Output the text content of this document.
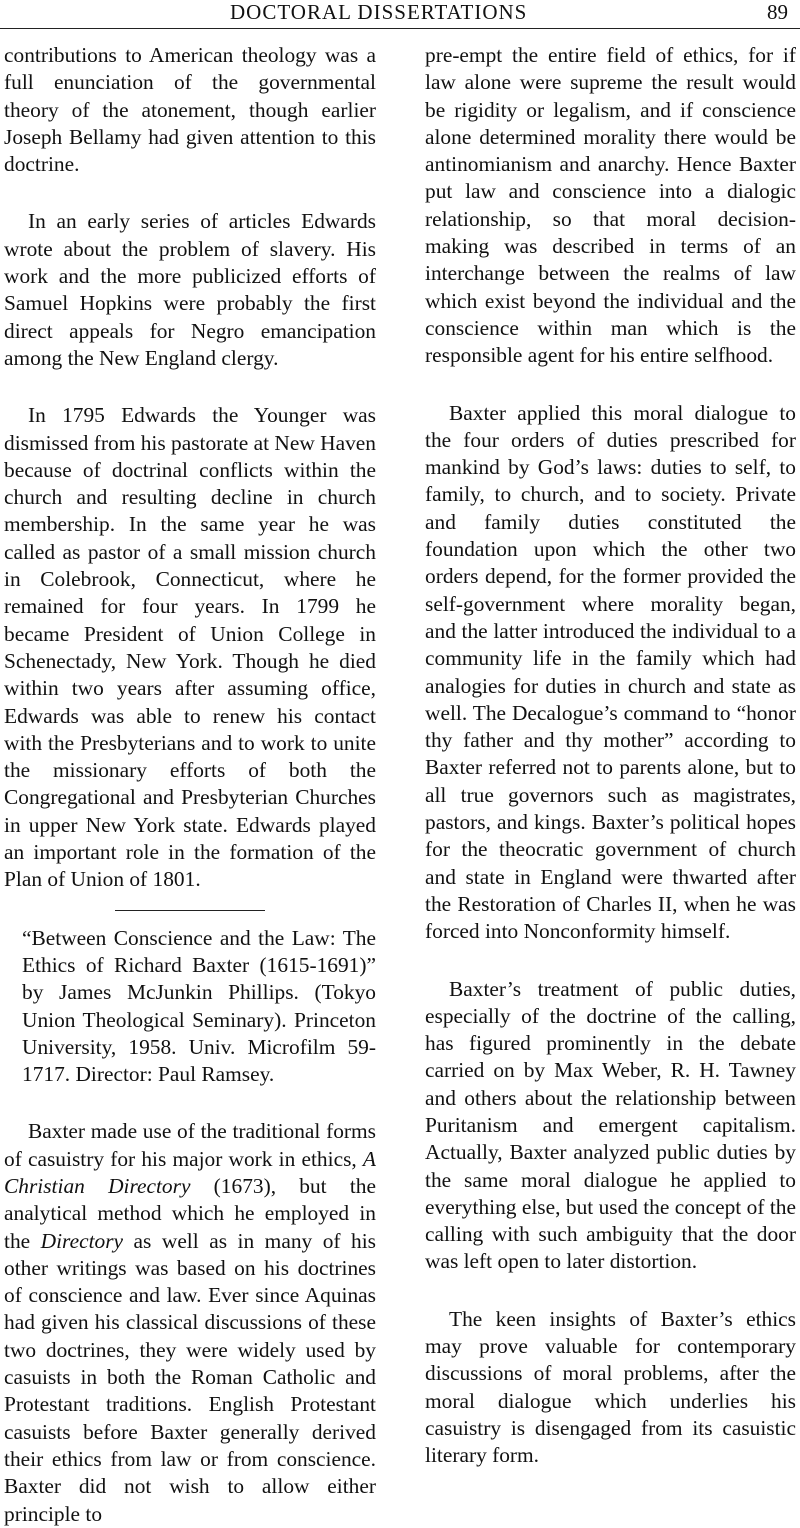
DOCTORAL DISSERTATIONS	89

contributions to American theology was a full enunciation of the governmental theory of the atonement, though earlier Joseph Bellamy had given attention to this doctrine.

In an early series of articles Edwards wrote about the problem of slavery. His work and the more publicized efforts of Samuel Hopkins were probably the first direct appeals for Negro emancipation among the New England clergy.

In 1795 Edwards the Younger was dismissed from his pastorate at New Haven because of doctrinal conflicts within the church and resulting decline in church membership. In the same year he was called as pastor of a small mission church in Colebrook, Connecticut, where he remained for four years. In 1799 he became President of Union College in Schenectady, New York. Though he died within two years after assuming office, Edwards was able to renew his contact with the Presbyterians and to work to unite the missionary efforts of both the Congregational and Presbyterian Churches in upper New York state. Edwards played an important role in the formation of the Plan of Union of 1801.

“Between Conscience and the Law: The Ethics of Richard Baxter (1615-1691)” by James McJunkin Phillips. (Tokyo Union Theological Seminary). Princeton University, 1958. Univ. Microfilm 59-1717. Director: Paul Ramsey.

Baxter made use of the traditional forms of casuistry for his major work in ethics, A Christian Directory (1673), but the analytical method which he employed in the Directory as well as in many of his other writings was based on his doctrines of conscience and law. Ever since Aquinas had given his classical discussions of these two doctrines, they were widely used by casuists in both the Roman Catholic and Protestant traditions. English Protestant casuists before Baxter generally derived their ethics from law or from conscience. Baxter did not wish to allow either principle to

pre-empt the entire field of ethics, for if law alone were supreme the result would be rigidity or legalism, and if conscience alone determined morality there would be antinomianism and anarchy. Hence Baxter put law and conscience into a dialogic relationship, so that moral decision-making was described in terms of an interchange between the realms of law which exist beyond the individual and the conscience within man which is the responsible agent for his entire selfhood.

Baxter applied this moral dialogue to the four orders of duties prescribed for mankind by God’s laws: duties to self, to family, to church, and to society. Private and family duties constituted the foundation upon which the other two orders depend, for the former provided the self-government where morality began, and the latter introduced the individual to a community life in the family which had analogies for duties in church and state as well. The Decalogue’s command to “honor thy father and thy mother” according to Baxter referred not to parents alone, but to all true governors such as magistrates, pastors, and kings. Baxter’s political hopes for the theocratic government of church and state in England were thwarted after the Restoration of Charles II, when he was forced into Nonconformity himself.

Baxter’s treatment of public duties, especially of the doctrine of the calling, has figured prominently in the debate carried on by Max Weber, R. H. Tawney and others about the relationship between Puritanism and emergent capitalism. Actually, Baxter analyzed public duties by the same moral dialogue he applied to everything else, but used the concept of the calling with such ambiguity that the door was left open to later distortion.

The keen insights of Baxter’s ethics may prove valuable for contemporary discussions of moral problems, after the moral dialogue which underlies his casuistry is disengaged from its casuistic literary form.
